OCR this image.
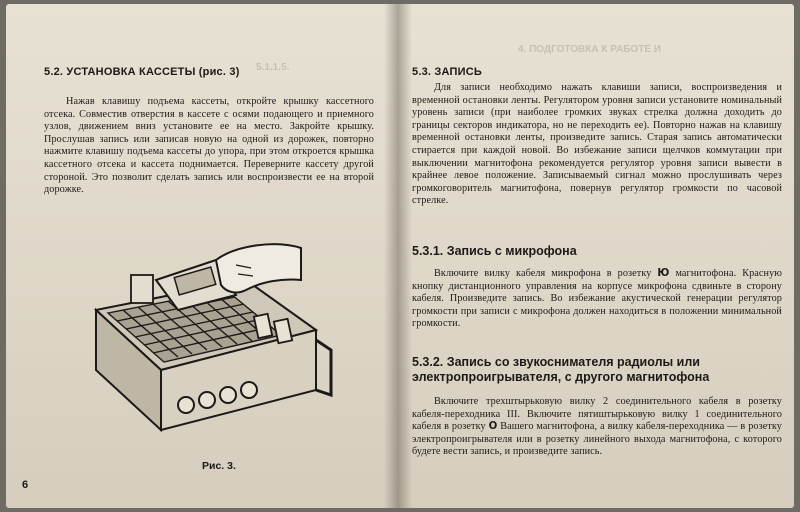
5.1.1.5.
5.2. УСТАНОВКА КАССЕТЫ (рис. 3)
Нажав клавишу подъема кассеты, откройте крышку кассетного отсека. Совместив отверстия в кассете с осями подающего и приемного узлов, движением вниз установите ее на место. Закройте крышку. Прослушав запись или записав новую на одной из дорожек, повторно нажмите клавишу подъема кассеты до упора, при этом откроется крышка кассетного отсека и кассета поднимается. Переверните кассету другой стороной. Это позволит сделать запись или воспроизвести ее на второй дорожке.
Рис. 3.
6
4. ПОДГОТОВКА К РАБОТЕ И
5.3. ЗАПИСЬ
Для записи необходимо нажать клавиши записи, воспроизведения и временной остановки ленты. Регулятором уровня записи установите номинальный уровень записи (при наиболее громких звуках стрелка должна доходить до границы секторов индикатора, но не переходить ее). Повторно нажав на клавишу временной остановки ленты, произведите запись. Старая запись автоматически стирается при каждой новой. Во избежание записи щелчков коммутации при выключении магнитофона рекомендуется регулятор уровня записи вывести в крайнее левое положение. Записываемый сигнал можно прослушивать через громкоговоритель магнитофона, повернув регулятор громкости по часовой стрелке.
5.3.1. Запись с микрофона
Включите вилку кабеля микрофона в розетку Ю магнитофона. Красную кнопку дистанционного управления на корпусе микрофона сдвиньте в сторону кабеля. Произведите запись. Во избежание акустической генерации регулятор громкости при записи с микрофона должен находиться в положении минимальной громкости.
5.3.2. Запись со звукоснимателя радиолы или электропроигрывателя, с другого магнитофона
Включите трехштырьковую вилку 2 соединительного кабеля в розетку кабеля-переходника III. Включите пятиштырьковую вилку 1 соединительного кабеля в розетку О Вашего магнитофона, а вилку кабеля-переходника — в розетку электропроигрывателя или в розетку линейного выхода магнитофона, с которого будете вести запись, и произведите запись.
